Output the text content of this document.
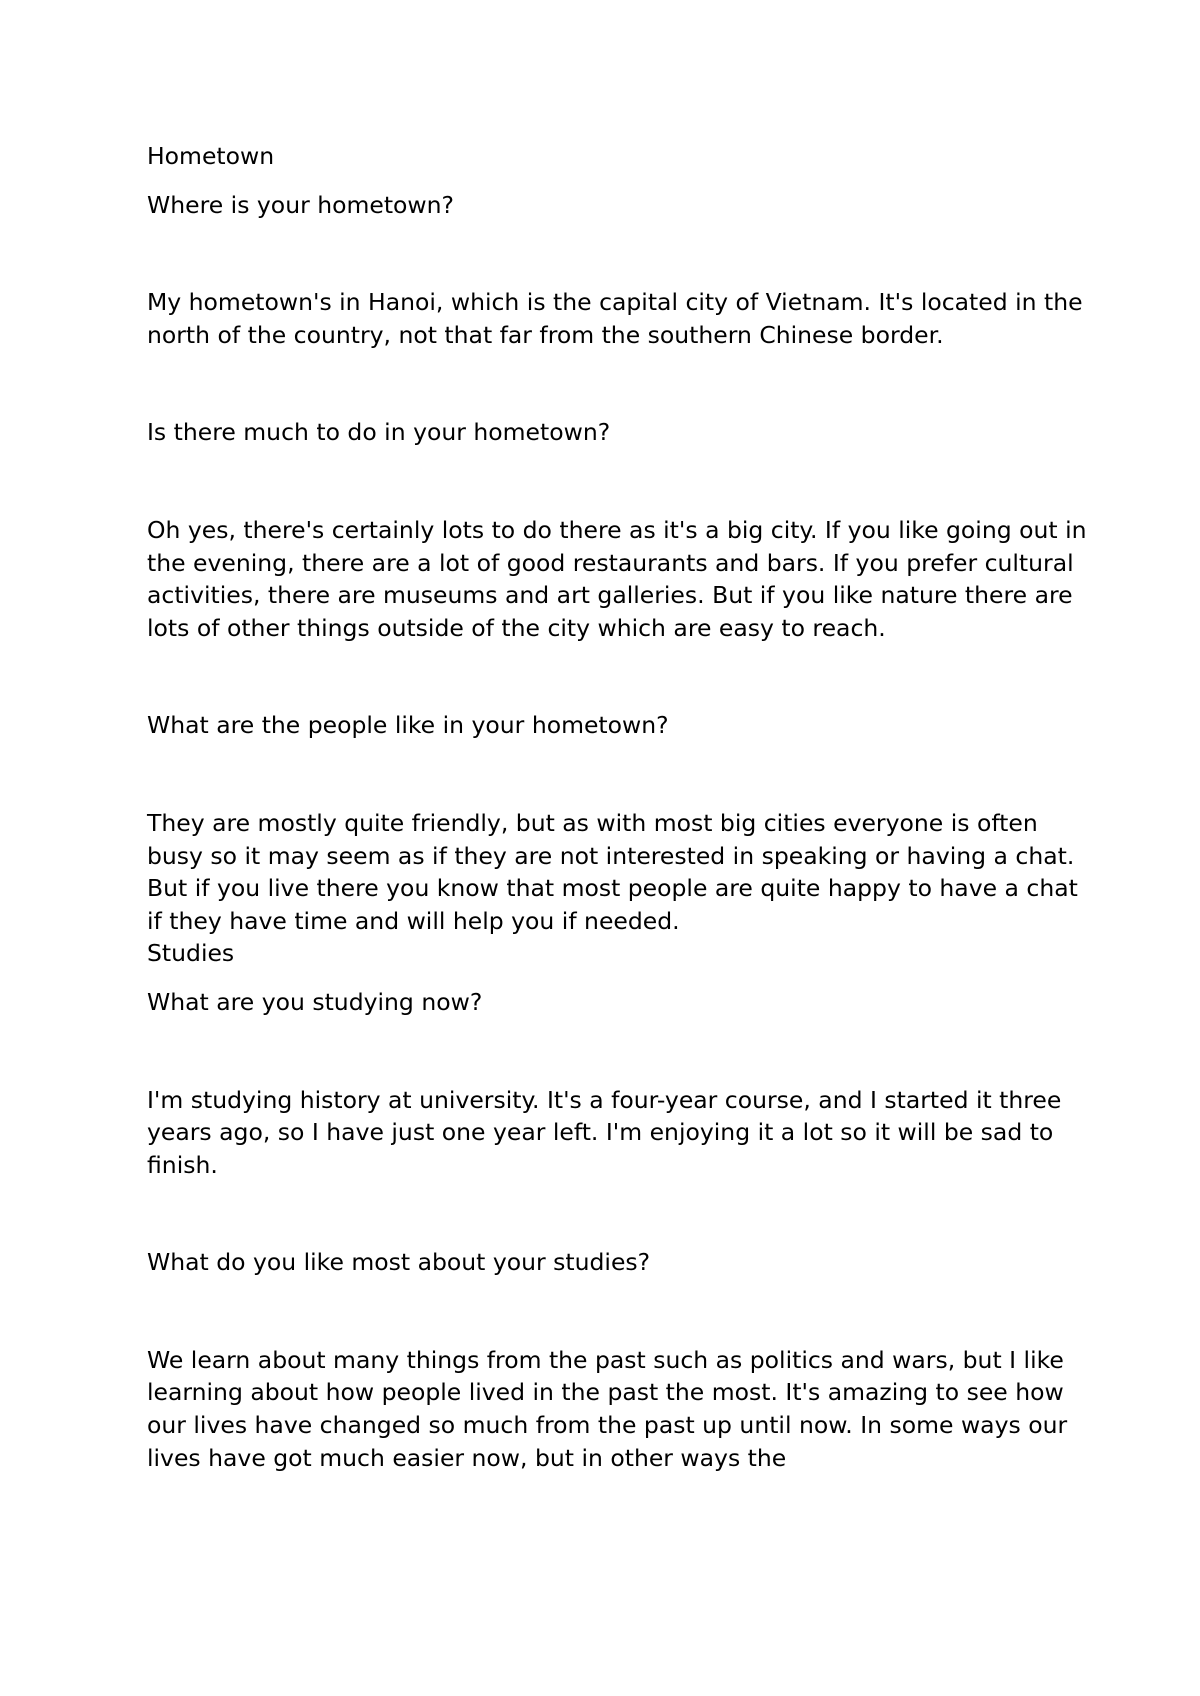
Hometown

Where is your hometown?

My hometown's in Hanoi, which is the capital city of Vietnam. It's located in the north of the country, not that far from the southern Chinese border.

Is there much to do in your hometown?

Oh yes, there's certainly lots to do there as it's a big city. If you like going out in the evening, there are a lot of good restaurants and bars. If you prefer cultural activities, there are museums and art galleries. But if you like nature there are lots of other things outside of the city which are easy to reach.

What are the people like in your hometown?

They are mostly quite friendly, but as with most big cities everyone is often busy so it may seem as if they are not interested in speaking or having a chat. But if you live there you know that most people are quite happy to have a chat if they have time and will help you if needed.

Studies

What are you studying now?

I'm studying history at university. It's a four-year course, and I started it three years ago, so I have just one year left. I'm enjoying it a lot so it will be sad to finish.

What do you like most about your studies?

We learn about many things from the past such as politics and wars, but I like learning about how people lived in the past the most. It's amazing to see how our lives have changed so much from the past up until now. In some ways our lives have got much easier now, but in other ways the
